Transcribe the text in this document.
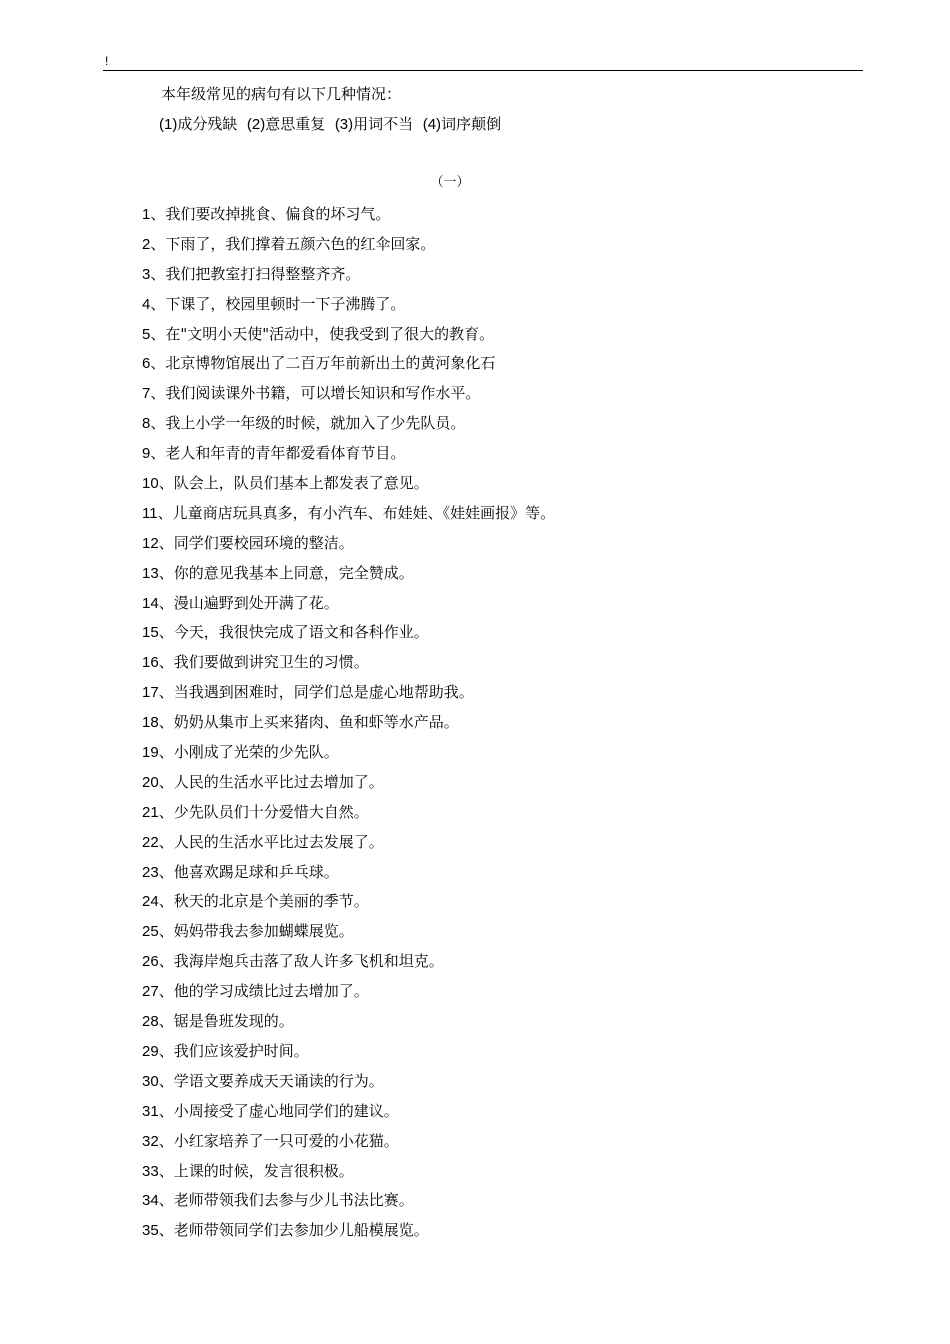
!
本年级常见的病句有以下几种情况：
(1)成分残缺 (2)意思重复 (3)用词不当 (4)词序颠倒
（一）
1、我们要改掉挑食、偏食的坏习气。
2、下雨了，我们撑着五颜六色的红伞回家。
3、我们把教室打扫得整整齐齐。
4、下课了，校园里顿时一下子沸腾了。
5、在"文明小天使"活动中，使我受到了很大的教育。
6、北京博物馆展出了二百万年前新出土的黄河象化石
7、我们阅读课外书籍，可以增长知识和写作水平。
8、我上小学一年级的时候，就加入了少先队员。
9、老人和年青的青年都爱看体育节目。
10、队会上，队员们基本上都发表了意见。
11、儿童商店玩具真多，有小汽车、布娃娃、《娃娃画报》等。
12、同学们要校园环境的整洁。
13、你的意见我基本上同意，完全赞成。
14、漫山遍野到处开满了花。
15、今天，我很快完成了语文和各科作业。
16、我们要做到讲究卫生的习惯。
17、当我遇到困难时，同学们总是虚心地帮助我。
18、奶奶从集市上买来猪肉、鱼和虾等水产品。
19、小刚成了光荣的少先队。
20、人民的生活水平比过去增加了。
21、少先队员们十分爱惜大自然。
22、人民的生活水平比过去发展了。
23、他喜欢踢足球和乒乓球。
24、秋天的北京是个美丽的季节。
25、妈妈带我去参加蝴蝶展览。
26、我海岸炮兵击落了敌人许多飞机和坦克。
27、他的学习成绩比过去增加了。
28、锯是鲁班发现的。
29、我们应该爱护时间。
30、学语文要养成天天诵读的行为。
31、小周接受了虚心地同学们的建议。
32、小红家培养了一只可爱的小花猫。
33、上课的时候，发言很积极。
34、老师带领我们去参与少儿书法比赛。
35、老师带领同学们去参加少儿船模展览。
